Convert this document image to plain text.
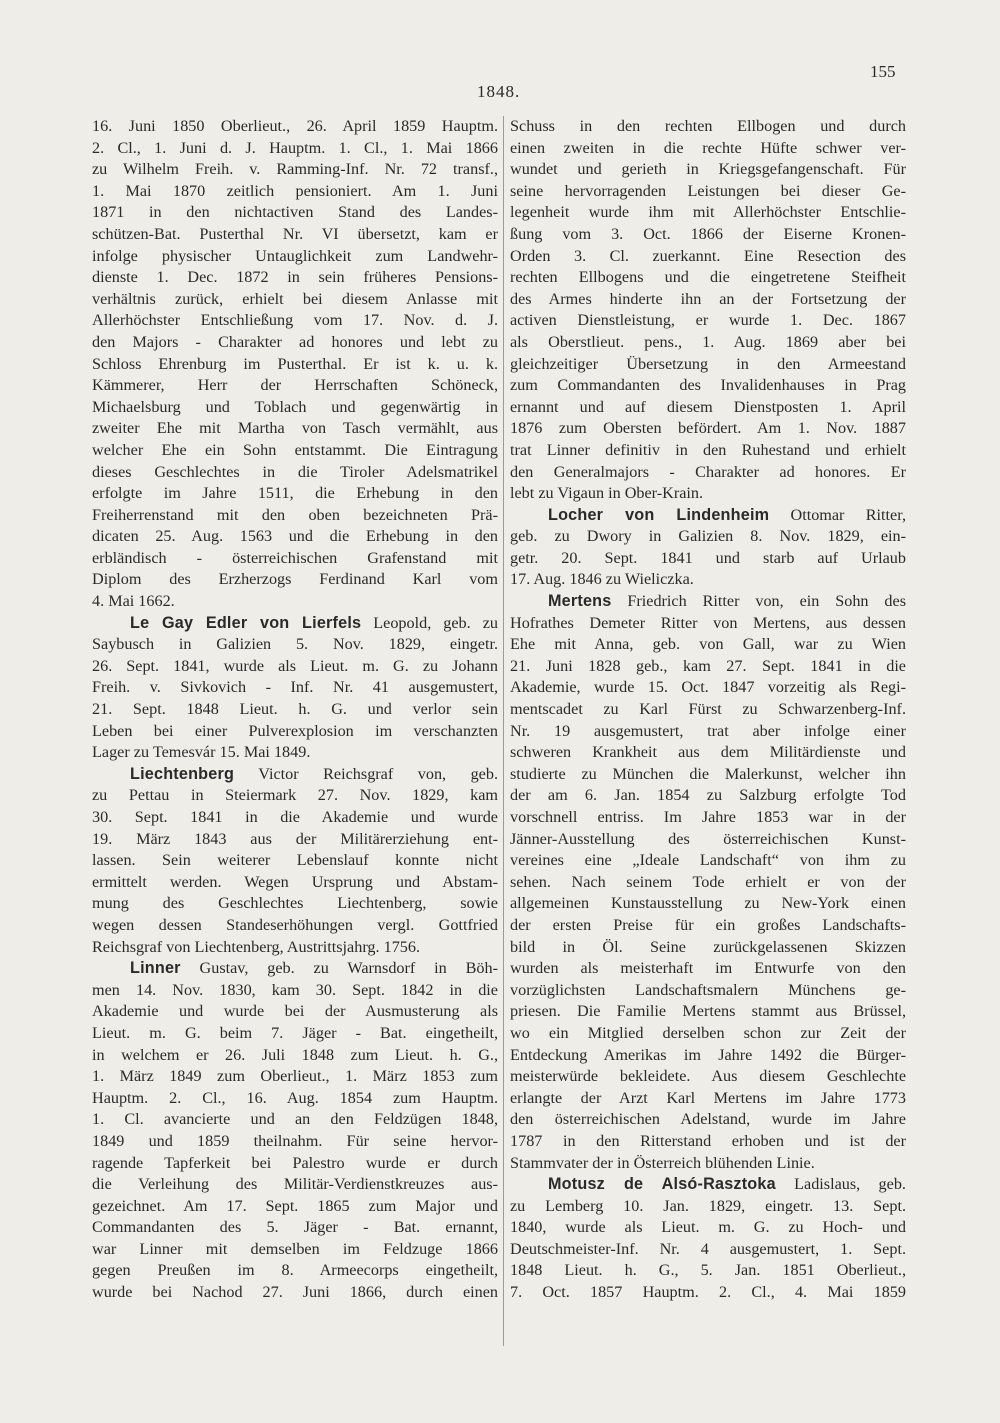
1848.
155
16. Juni 1850 Oberlieut., 26. April 1859 Hauptm.
2. Cl., 1. Juni d. J. Hauptm. 1. Cl., 1. Mai 1866
zu Wilhelm Freih. v. Ramming-Inf. Nr. 72 transf.,
1. Mai 1870 zeitlich pensioniert. Am 1. Juni
1871 in den nichtactiven Stand des Landes-
schützen-Bat. Pusterthal Nr. VI übersetzt, kam er
infolge physischer Untauglichkeit zum Landwehr-
dienste 1. Dec. 1872 in sein früheres Pensions-
verhältnis zurück, erhielt bei diesem Anlasse mit
Allerhöchster Entschließung vom 17. Nov. d. J.
den Majors - Charakter ad honores und lebt zu
Schloss Ehrenburg im Pusterthal. Er ist k. u. k.
Kämmerer, Herr der Herrschaften Schöneck,
Michaelsburg und Toblach und gegenwärtig in
zweiter Ehe mit Martha von Tasch vermählt, aus
welcher Ehe ein Sohn entstammt. Die Eintragung
dieses Geschlechtes in die Tiroler Adelsmatrikel
erfolgte im Jahre 1511, die Erhebung in den
Freiherrenstand mit den oben bezeichneten Prä-
dicaten 25. Aug. 1563 und die Erhebung in den
erbländisch - österreichischen Grafenstand mit
Diplom des Erzherzogs Ferdinand Karl vom
4. Mai 1662.
Le Gay Edler von Lierfels Leopold, geb. zu
Saybusch in Galizien 5. Nov. 1829, eingetr.
26. Sept. 1841, wurde als Lieut. m. G. zu Johann
Freih. v. Sivkovich - Inf. Nr. 41 ausgemustert,
21. Sept. 1848 Lieut. h. G. und verlor sein
Leben bei einer Pulverexplosion im verschanzten
Lager zu Temesvár 15. Mai 1849.
Liechtenberg Victor Reichsgraf von, geb.
zu Pettau in Steiermark 27. Nov. 1829, kam
30. Sept. 1841 in die Akademie und wurde
19. März 1843 aus der Militärerziehung ent-
lassen. Sein weiterer Lebenslauf konnte nicht
ermittelt werden. Wegen Ursprung und Abstam-
mung des Geschlechtes Liechtenberg, sowie
wegen dessen Standeserhöhungen vergl. Gottfried
Reichsgraf von Liechtenberg, Austrittsjahrg. 1756.
Linner Gustav, geb. zu Warnsdorf in Böh-
men 14. Nov. 1830, kam 30. Sept. 1842 in die
Akademie und wurde bei der Ausmusterung als
Lieut. m. G. beim 7. Jäger - Bat. eingetheilt,
in welchem er 26. Juli 1848 zum Lieut. h. G.,
1. März 1849 zum Oberlieut., 1. März 1853 zum
Hauptm. 2. Cl., 16. Aug. 1854 zum Hauptm.
1. Cl. avancierte und an den Feldzügen 1848,
1849 und 1859 theilnahm. Für seine hervor-
ragende Tapferkeit bei Palestro wurde er durch
die Verleihung des Militär-Verdienstkreuzes aus-
gezeichnet. Am 17. Sept. 1865 zum Major und
Commandanten des 5. Jäger - Bat. ernannt,
war Linner mit demselben im Feldzuge 1866
gegen Preußen im 8. Armeecorps eingetheilt,
wurde bei Nachod 27. Juni 1866, durch einen
Schuss in den rechten Ellbogen und durch
einen zweiten in die rechte Hüfte schwer ver-
wundet und gerieth in Kriegsgefangenschaft. Für
seine hervorragenden Leistungen bei dieser Ge-
legenheit wurde ihm mit Allerhöchster Entschlie-
ßung vom 3. Oct. 1866 der Eiserne Kronen-
Orden 3. Cl. zuerkannt. Eine Resection des
rechten Ellbogens und die eingetretene Steifheit
des Armes hinderte ihn an der Fortsetzung der
activen Dienstleistung, er wurde 1. Dec. 1867
als Oberstlieut. pens., 1. Aug. 1869 aber bei
gleichzeitiger Übersetzung in den Armeestand
zum Commandanten des Invalidenhauses in Prag
ernannt und auf diesem Dienstposten 1. April
1876 zum Obersten befördert. Am 1. Nov. 1887
trat Linner definitiv in den Ruhestand und erhielt
den Generalmajors - Charakter ad honores. Er
lebt zu Vigaun in Ober-Krain.
Locher von Lindenheim Ottomar Ritter,
geb. zu Dwory in Galizien 8. Nov. 1829, ein-
getr. 20. Sept. 1841 und starb auf Urlaub
17. Aug. 1846 zu Wieliczka.
Mertens Friedrich Ritter von, ein Sohn des
Hofrathes Demeter Ritter von Mertens, aus dessen
Ehe mit Anna, geb. von Gall, war zu Wien
21. Juni 1828 geb., kam 27. Sept. 1841 in die
Akademie, wurde 15. Oct. 1847 vorzeitig als Regi-
mentscadet zu Karl Fürst zu Schwarzenberg-Inf.
Nr. 19 ausgemustert, trat aber infolge einer
schweren Krankheit aus dem Militärdienste und
studierte zu München die Malerkunst, welcher ihn
der am 6. Jan. 1854 zu Salzburg erfolgte Tod
vorschnell entriss. Im Jahre 1853 war in der
Jänner-Ausstellung des österreichischen Kunst-
vereines eine „Ideale Landschaft“ von ihm zu
sehen. Nach seinem Tode erhielt er von der
allgemeinen Kunstausstellung zu New-York einen
der ersten Preise für ein großes Landschafts-
bild in Öl. Seine zurückgelassenen Skizzen
wurden als meisterhaft im Entwurfe von den
vorzüglichsten Landschaftsmalern Münchens ge-
priesen. Die Familie Mertens stammt aus Brüssel,
wo ein Mitglied derselben schon zur Zeit der
Entdeckung Amerikas im Jahre 1492 die Bürger-
meisterwürde bekleidete. Aus diesem Geschlechte
erlangte der Arzt Karl Mertens im Jahre 1773
den österreichischen Adelstand, wurde im Jahre
1787 in den Ritterstand erhoben und ist der
Stammvater der in Österreich blühenden Linie.
Motusz de Alsó-Rasztoka Ladislaus, geb.
zu Lemberg 10. Jan. 1829, eingetr. 13. Sept.
1840, wurde als Lieut. m. G. zu Hoch- und
Deutschmeister-Inf. Nr. 4 ausgemustert, 1. Sept.
1848 Lieut. h. G., 5. Jan. 1851 Oberlieut.,
7. Oct. 1857 Hauptm. 2. Cl., 4. Mai 1859
